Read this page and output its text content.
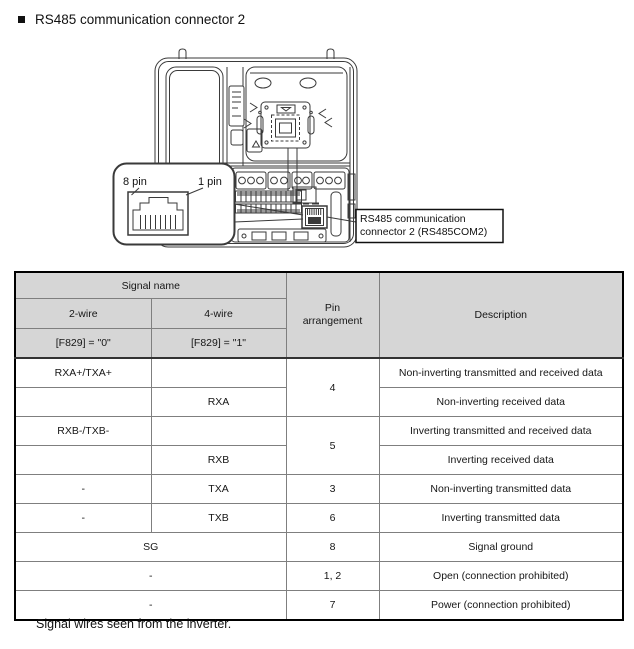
RS485 communication connector 2
8 pin	1 pin
RS485 communication
connector 2 (RS485COM2)
Signal name		Pin
arrangement	Description
2-wire	4-wire		
[F829] = "0"	[F829] = "1"		
RXA+/TXA+		4	Non-inverting transmitted and received data
	RXA		Non-inverting received data
RXB-/TXB-		5	Inverting transmitted and received data
	RXB		Inverting received data
-	TXA	3	Non-inverting transmitted data
-	TXB	6	Inverting transmitted data
SG		8	Signal ground
-		1, 2	Open (connection prohibited)
-		7	Power (connection prohibited)
Signal wires seen from the inverter.
